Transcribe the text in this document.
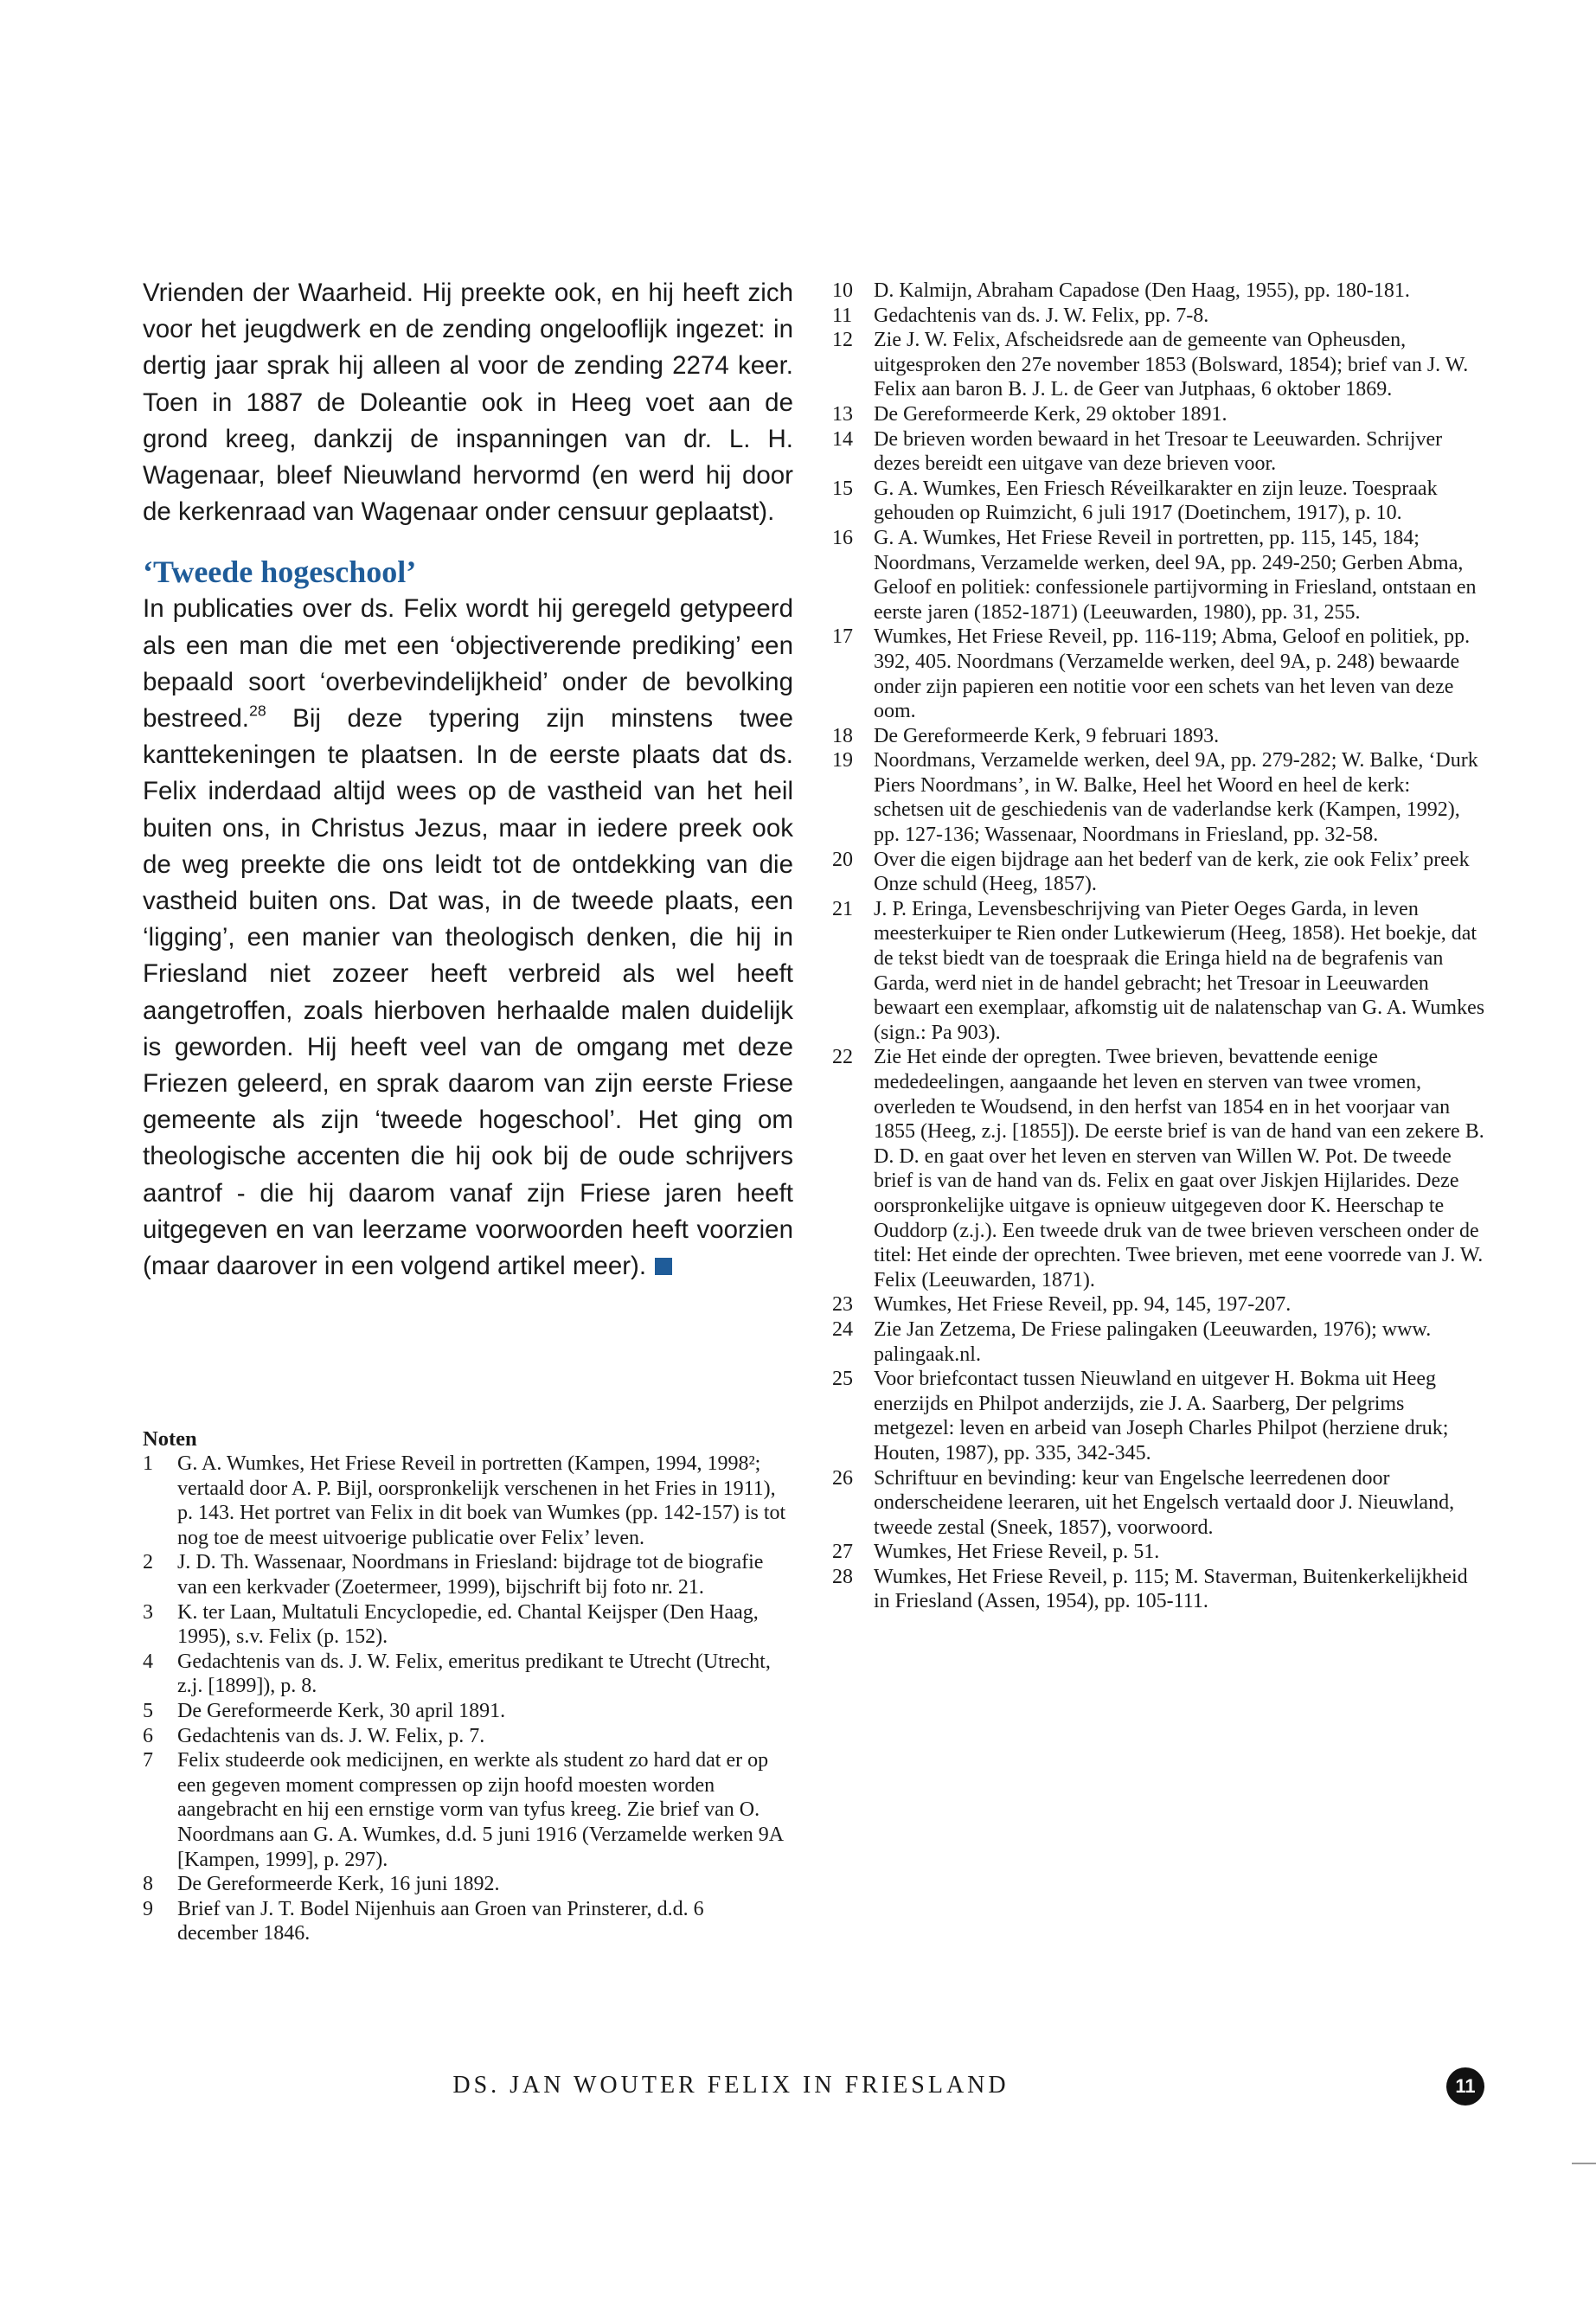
Vrienden der Waarheid. Hij preekte ook, en hij heeft zich voor het jeugdwerk en de zending ongelooflijk ingezet: in dertig jaar sprak hij alleen al voor de zending 2274 keer. Toen in 1887 de Doleantie ook in Heeg voet aan de grond kreeg, dankzij de inspanningen van dr. L. H. Wagenaar, bleef Nieuwland hervormd (en werd hij door de kerkenraad van Wagenaar onder censuur geplaatst).

‘Tweede hogeschool’

In publicaties over ds. Felix wordt hij geregeld getypeerd als een man die met een ‘objectiverende prediking’ een bepaald soort ‘overbevindelijkheid’ onder de bevolking bestreed.$^{28}$ Bij deze typering zijn minstens twee kanttekeningen te plaatsen. In de eerste plaats dat ds. Felix inderdaad altijd wees op de vastheid van het heil buiten ons, in Christus Jezus, maar in iedere preek ook de weg preekte die ons leidt tot de ontdekking van die vastheid buiten ons. Dat was, in de tweede plaats, een ‘ligging’, een manier van theologisch denken, die hij in Friesland niet zozeer heeft verbreid als wel heeft aangetroffen, zoals hierboven herhaalde malen duidelijk is geworden. Hij heeft veel van de omgang met deze Friezen geleerd, en sprak daarom van zijn eerste Friese gemeente als zijn ‘tweede hogeschool’. Het ging om theologische accenten die hij ook bij de oude schrijvers aantrof - die hij daarom vanaf zijn Friese jaren heeft uitgegeven en van leerzame voorwoorden heeft voorzien (maar daarover in een volgend artikel meer).

Noten

1	G. A. Wumkes, Het Friese Reveil in portretten (Kampen, 1994, 1998²; vertaald door A. P. Bijl, oorspronkelijk verschenen in het Fries in 1911), p. 143. Het portret van Felix in dit boek van Wumkes (pp. 142-157) is tot nog toe de meest uitvoerige publicatie over Felix’ leven.
2	J. D. Th. Wassenaar, Noordmans in Friesland: bijdrage tot de biografie van een kerkvader (Zoetermeer, 1999), bijschrift bij foto nr. 21.
3	K. ter Laan, Multatuli Encyclopedie, ed. Chantal Keijsper (Den Haag, 1995), s.v. Felix (p. 152).
4	Gedachtenis van ds. J. W. Felix, emeritus predikant te Utrecht (Utrecht, z.j. [1899]), p. 8.
5	De Gereformeerde Kerk, 30 april 1891.
6	Gedachtenis van ds. J. W. Felix, p. 7.
7	Felix studeerde ook medicijnen, en werkte als student zo hard dat er op een gegeven moment compressen op zijn hoofd moesten worden aangebracht en hij een ernstige vorm van tyfus kreeg. Zie brief van O. Noordmans aan G. A. Wumkes, d.d. 5 juni 1916 (Verzamelde werken 9A [Kampen, 1999], p. 297).
8	De Gereformeerde Kerk, 16 juni 1892.
9	Brief van J. T. Bodel Nijenhuis aan Groen van Prinsterer, d.d. 6 december 1846.
10	D. Kalmijn, Abraham Capadose (Den Haag, 1955), pp. 180-181.
11	Gedachtenis van ds. J. W. Felix, pp. 7-8.
12	Zie J. W. Felix, Afscheidsrede aan de gemeente van Opheusden, uitgesproken den 27e november 1853 (Bolsward, 1854); brief van J. W. Felix aan baron B. J. L. de Geer van Jutphaas, 6 oktober 1869.
13	De Gereformeerde Kerk, 29 oktober 1891.
14	De brieven worden bewaard in het Tresoar te Leeuwarden. Schrijver dezes bereidt een uitgave van deze brieven voor.
15	G. A. Wumkes, Een Friesch Réveilkarakter en zijn leuze. Toespraak gehouden op Ruimzicht, 6 juli 1917 (Doetinchem, 1917), p. 10.
16	G. A. Wumkes, Het Friese Reveil in portretten, pp. 115, 145, 184; Noordmans, Verzamelde werken, deel 9A, pp. 249-250; Gerben Abma, Geloof en politiek: confessionele partijvorming in Friesland, ontstaan en eerste jaren (1852-1871) (Leeuwarden, 1980), pp. 31, 255.
17	Wumkes, Het Friese Reveil, pp. 116-119; Abma, Geloof en politiek, pp. 392, 405. Noordmans (Verzamelde werken, deel 9A, p. 248) bewaarde onder zijn papieren een notitie voor een schets van het leven van deze oom.
18	De Gereformeerde Kerk, 9 februari 1893.
19	Noordmans, Verzamelde werken, deel 9A, pp. 279-282; W. Balke, ‘Durk Piers Noordmans’, in W. Balke, Heel het Woord en heel de kerk: schetsen uit de geschiedenis van de vaderlandse kerk (Kampen, 1992), pp. 127-136; Wassenaar, Noordmans in Friesland, pp. 32-58.
20	Over die eigen bijdrage aan het bederf van de kerk, zie ook Felix’ preek Onze schuld (Heeg, 1857).
21	J. P. Eringa, Levensbeschrijving van Pieter Oeges Garda, in leven meesterkuiper te Rien onder Lutkewierum (Heeg, 1858). Het boekje, dat de tekst biedt van de toespraak die Eringa hield na de begrafenis van Garda, werd niet in de handel gebracht; het Tresoar in Leeuwarden bewaart een exemplaar, afkomstig uit de nalatenschap van G. A. Wumkes (sign.: Pa 903).
22	Zie Het einde der opregten. Twee brieven, bevattende eenige mededeelingen, aangaande het leven en sterven van twee vromen, overleden te Woudsend, in den herfst van 1854 en in het voorjaar van 1855 (Heeg, z.j. [1855]). De eerste brief is van de hand van een zekere B. D. D. en gaat over het leven en sterven van Willen W. Pot. De tweede brief is van de hand van ds. Felix en gaat over Jiskjen Hijlarides. Deze oorspronkelijke uitgave is opnieuw uitgegeven door K. Heerschap te Ouddorp (z.j.). Een tweede druk van de twee brieven verscheen onder de titel: Het einde der oprechten. Twee brieven, met eene voorrede van J. W. Felix (Leeuwarden, 1871).
23	Wumkes, Het Friese Reveil, pp. 94, 145, 197-207.
24	Zie Jan Zetzema, De Friese palingaken (Leeuwarden, 1976); www. palingaak.nl.
25	Voor briefcontact tussen Nieuwland en uitgever H. Bokma uit Heeg enerzijds en Philpot anderzijds, zie J. A. Saarberg, Der pelgrims metgezel: leven en arbeid van Joseph Charles Philpot (herziene druk; Houten, 1987), pp. 335, 342-345.
26	Schriftuur en bevinding: keur van Engelsche leerredenen door onderscheidene leeraren, uit het Engelsch vertaald door J. Nieuwland, tweede zestal (Sneek, 1857), voorwoord.
27	Wumkes, Het Friese Reveil, p. 51.
28	Wumkes, Het Friese Reveil, p. 115; M. Staverman, Buitenkerkelijkheid in Friesland (Assen, 1954), pp. 105-111.
DS. JAN WOUTER FELIX IN FRIESLAND	11
